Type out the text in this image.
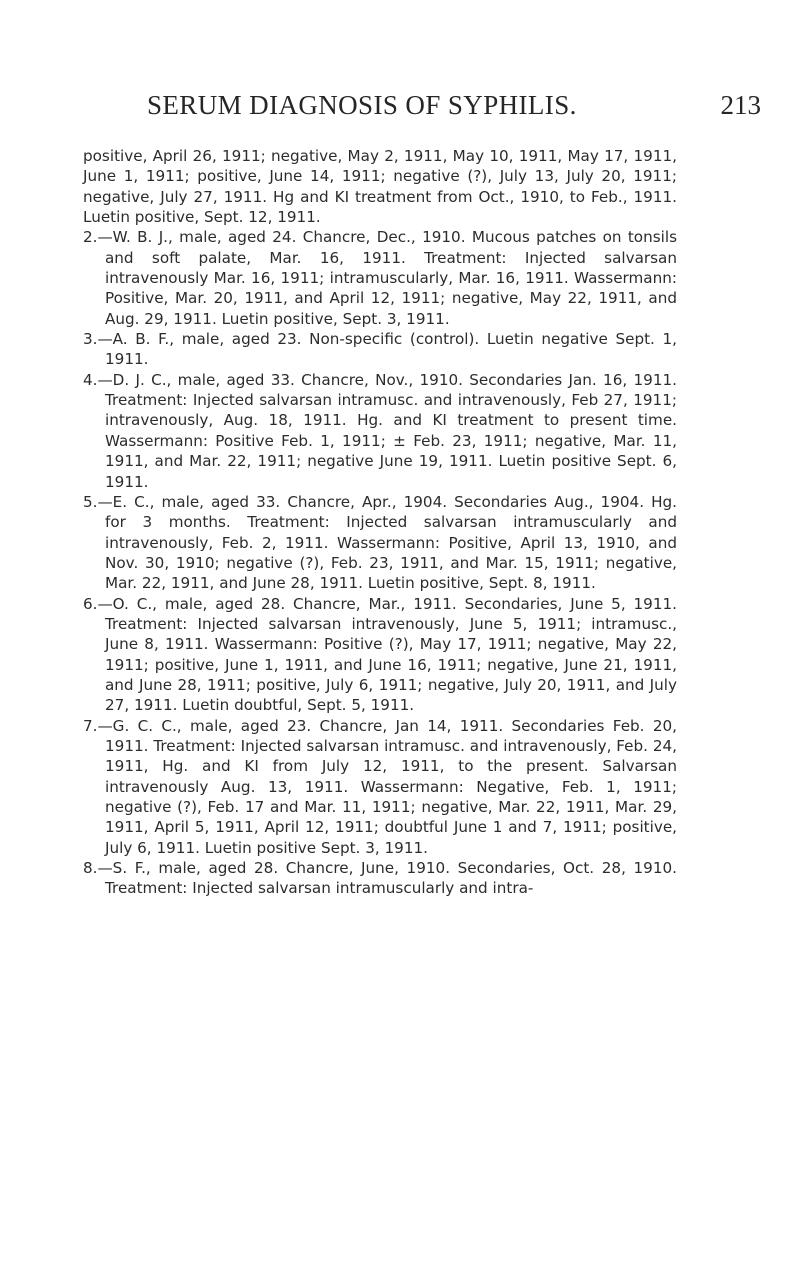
SERUM DIAGNOSIS OF SYPHILIS.	213

positive, April 26, 1911; negative, May 2, 1911, May 10, 1911, May 17, 1911, June 1, 1911; positive, June 14, 1911; negative (?), July 13, July 20, 1911; negative, July 27, 1911. Hg and KI treatment from Oct., 1910, to Feb., 1911. Luetin positive, Sept. 12, 1911.

2.—W. B. J., male, aged 24. Chancre, Dec., 1910. Mucous patches on tonsils and soft palate, Mar. 16, 1911. Treatment: Injected salvarsan intravenously Mar. 16, 1911; intramuscularly, Mar. 16, 1911. Wassermann: Positive, Mar. 20, 1911, and April 12, 1911; negative, May 22, 1911, and Aug. 29, 1911. Luetin positive, Sept. 3, 1911.

3.—A. B. F., male, aged 23. Non-specific (control). Luetin negative Sept. 1, 1911.

4.—D. J. C., male, aged 33. Chancre, Nov., 1910. Secondaries Jan. 16, 1911. Treatment: Injected salvarsan intramusc. and intravenously, Feb 27, 1911; intravenously, Aug. 18, 1911. Hg. and KI treatment to present time. Wassermann: Positive Feb. 1, 1911; ± Feb. 23, 1911; negative, Mar. 11, 1911, and Mar. 22, 1911; negative June 19, 1911. Luetin positive Sept. 6, 1911.

5.—E. C., male, aged 33. Chancre, Apr., 1904. Secondaries Aug., 1904. Hg. for 3 months. Treatment: Injected salvarsan intramuscularly and intravenously, Feb. 2, 1911. Wassermann: Positive, April 13, 1910, and Nov. 30, 1910; negative (?), Feb. 23, 1911, and Mar. 15, 1911; negative, Mar. 22, 1911, and June 28, 1911. Luetin positive, Sept. 8, 1911.

6.—O. C., male, aged 28. Chancre, Mar., 1911. Secondaries, June 5, 1911. Treatment: Injected salvarsan intravenously, June 5, 1911; intramusc., June 8, 1911. Wassermann: Positive (?), May 17, 1911; negative, May 22, 1911; positive, June 1, 1911, and June 16, 1911; negative, June 21, 1911, and June 28, 1911; positive, July 6, 1911; negative, July 20, 1911, and July 27, 1911. Luetin doubtful, Sept. 5, 1911.

7.—G. C. C., male, aged 23. Chancre, Jan 14, 1911. Secondaries Feb. 20, 1911. Treatment: Injected salvarsan intramusc. and intravenously, Feb. 24, 1911, Hg. and KI from July 12, 1911, to the present. Salvarsan intravenously Aug. 13, 1911. Wassermann: Negative, Feb. 1, 1911; negative (?), Feb. 17 and Mar. 11, 1911; negative, Mar. 22, 1911, Mar. 29, 1911, April 5, 1911, April 12, 1911; doubtful June 1 and 7, 1911; positive, July 6, 1911. Luetin positive Sept. 3, 1911.

8.—S. F., male, aged 28. Chancre, June, 1910. Secondaries, Oct. 28, 1910. Treatment: Injected salvarsan intramuscularly and intra-
